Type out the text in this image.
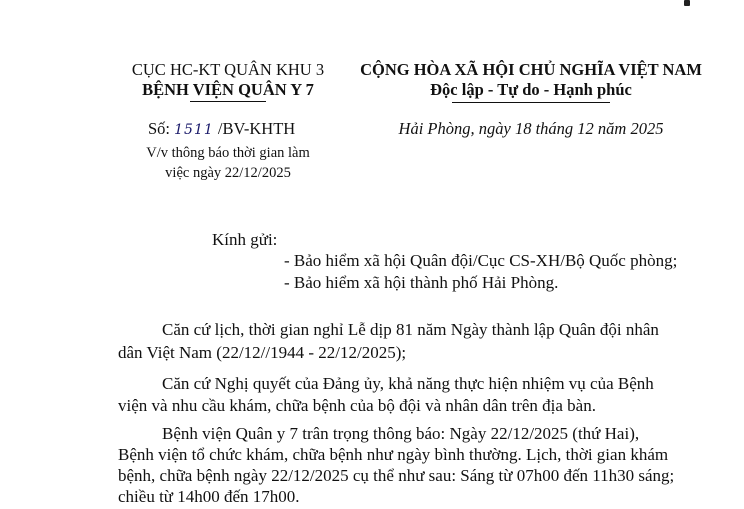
CỤC HC-KT QUÂN KHU 3
BỆNH VIỆN QUÂN Y 7
Số: 1511 /BV-KHTH
V/v thông báo thời gian làm
việc ngày 22/12/2025
CỘNG HÒA XÃ HỘI CHỦ NGHĨA VIỆT NAM
Độc lập - Tự do - Hạnh phúc
Hải Phòng, ngày 18 tháng 12 năm 2025
Kính gửi:
- Bảo hiểm xã hội Quân đội/Cục CS-XH/Bộ Quốc phòng;
- Bảo hiểm xã hội thành phố Hải Phòng.
Căn cứ lịch, thời gian nghỉ Lễ dịp 81 năm Ngày thành lập Quân đội nhân
dân Việt Nam (22/12//1944 - 22/12/2025);
Căn cứ Nghị quyết của Đảng ủy, khả năng thực hiện nhiệm vụ của Bệnh
viện và nhu cầu khám, chữa bệnh của bộ đội và nhân dân trên địa bàn.
Bệnh viện Quân y 7 trân trọng thông báo: Ngày 22/12/2025 (thứ Hai),
Bệnh viện tổ chức khám, chữa bệnh như ngày bình thường. Lịch, thời gian khám
bệnh, chữa bệnh ngày 22/12/2025 cụ thể như sau: Sáng từ 07h00 đến 11h30 sáng;
chiều từ 14h00 đến 17h00.
